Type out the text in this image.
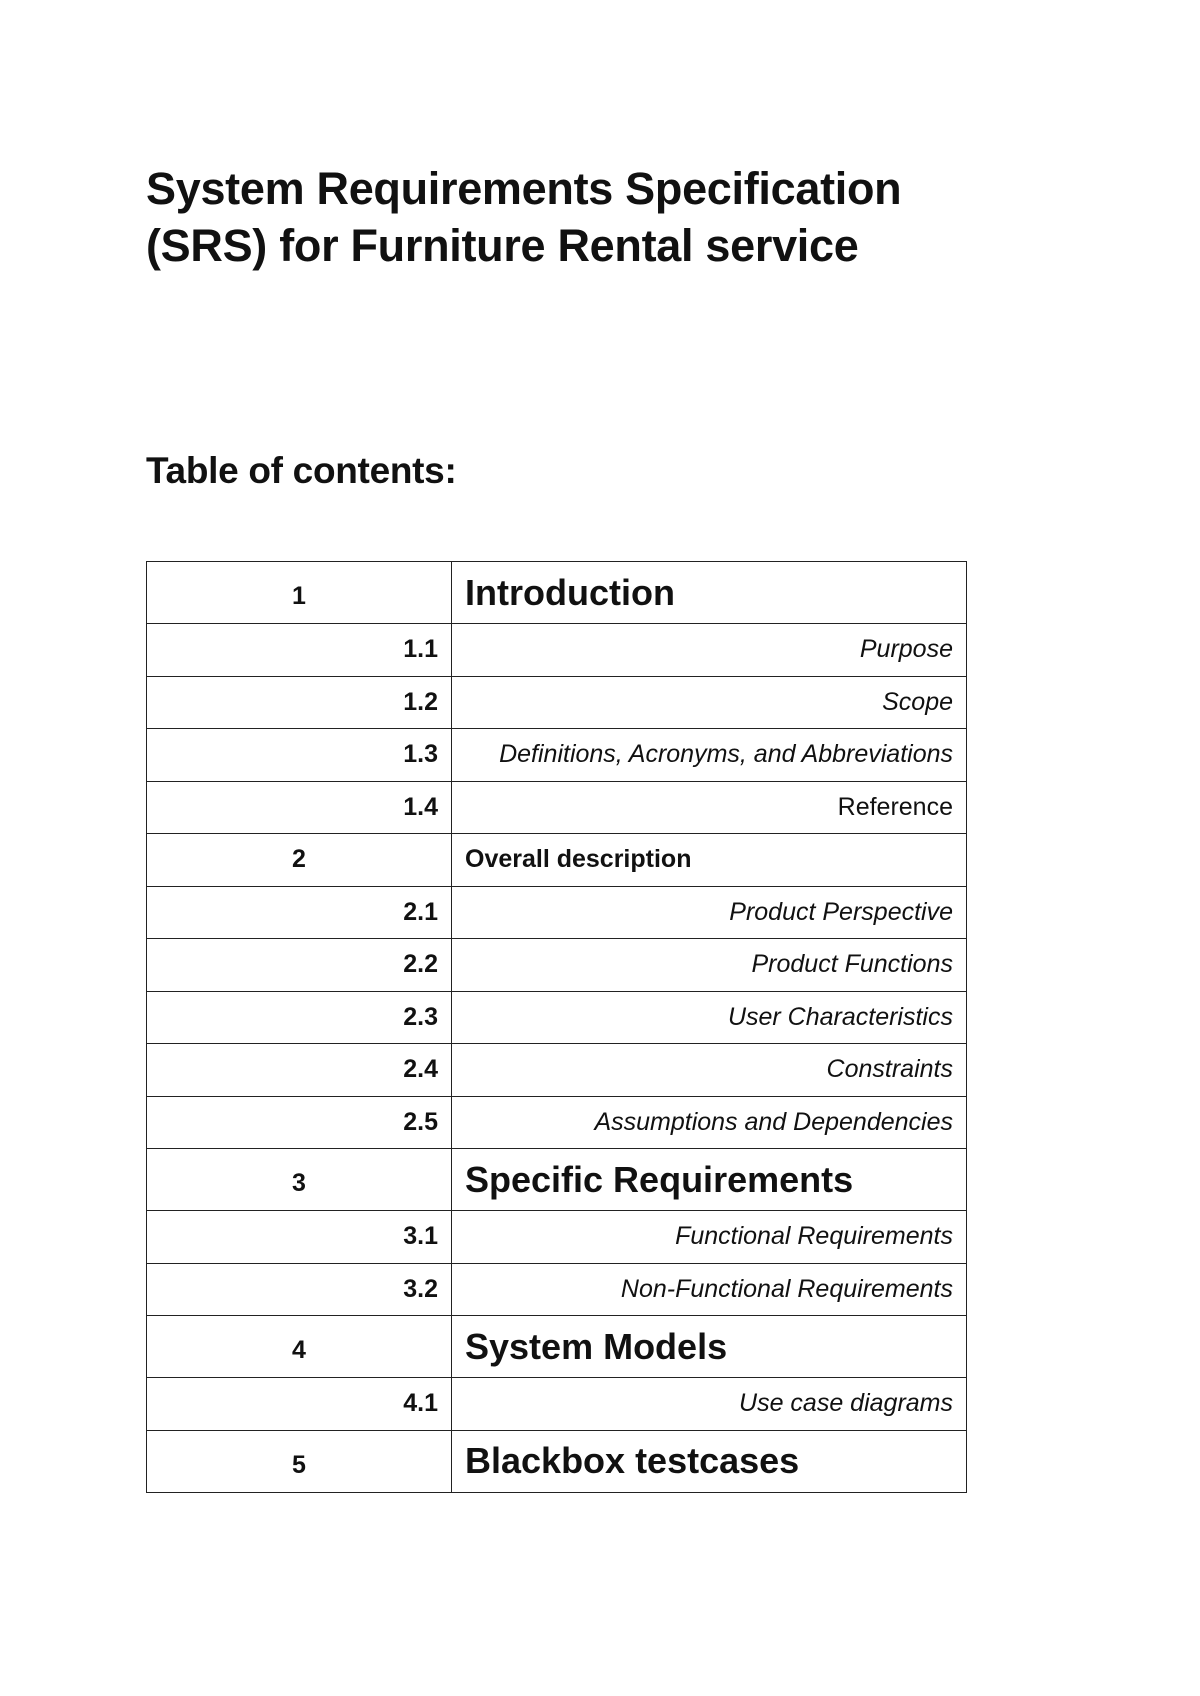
System Requirements Specification
(SRS) for Furniture Rental service
Table of contents:
1	Introduction
1.1	Purpose
1.2	Scope
1.3	Definitions, Acronyms, and Abbreviations
1.4	Reference
2	Overall description
2.1	Product Perspective
2.2	Product Functions
2.3	User Characteristics
2.4	Constraints
2.5	Assumptions and Dependencies
3	Specific Requirements
3.1	Functional Requirements
3.2	Non-Functional Requirements
4	System Models
4.1	Use case diagrams
5	Blackbox testcases
